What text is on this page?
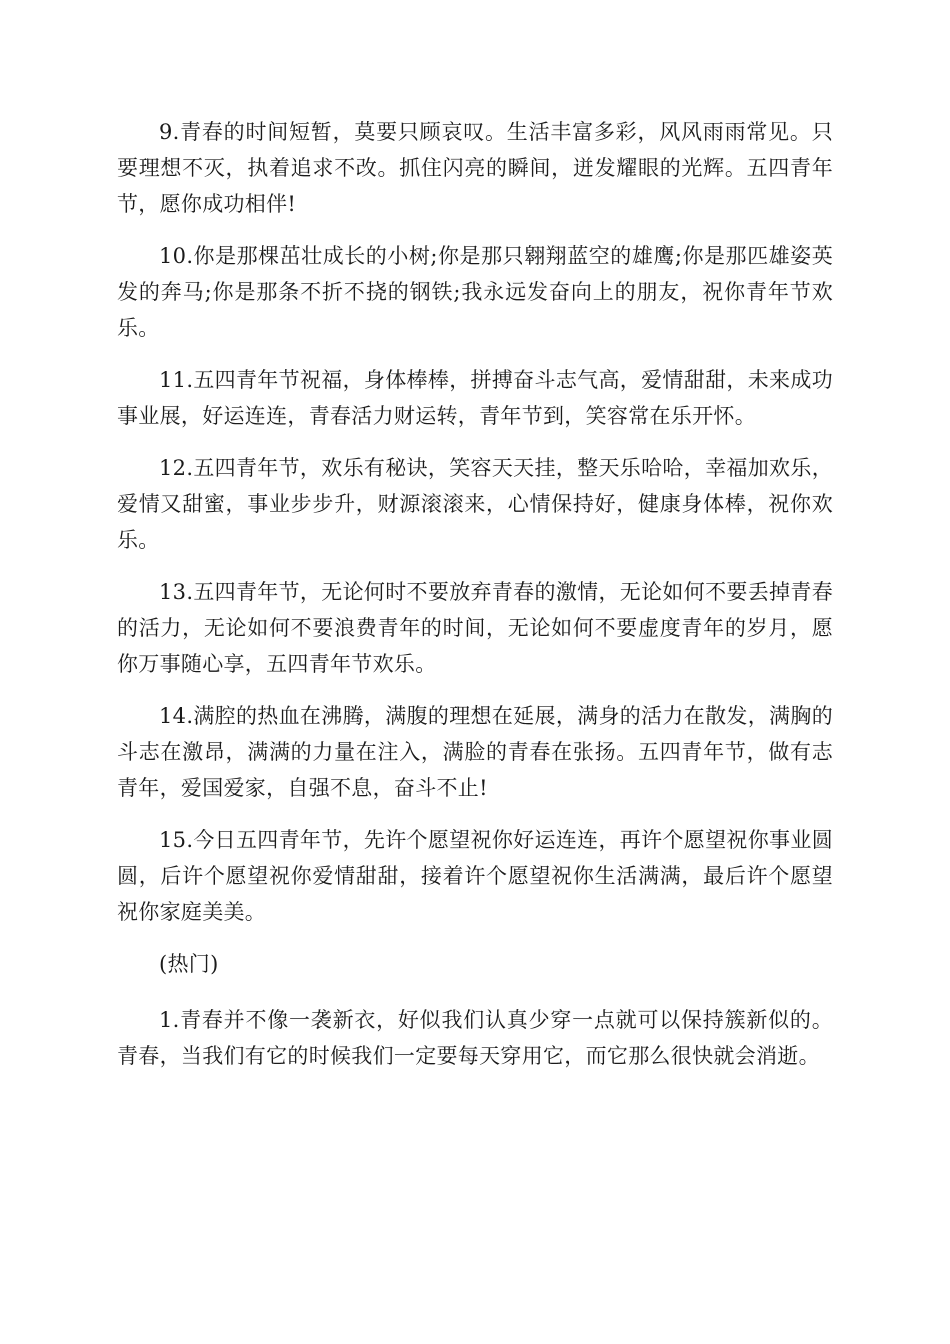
9.青春的时间短暂，莫要只顾哀叹。生活丰富多彩，风风雨雨常见。只要理想不灭，执着追求不改。抓住闪亮的瞬间，迸发耀眼的光辉。五四青年节，愿你成功相伴!

10.你是那棵茁壮成长的小树;你是那只翱翔蓝空的雄鹰;你是那匹雄姿英发的奔马;你是那条不折不挠的钢铁;我永远发奋向上的朋友，祝你青年节欢乐。

11.五四青年节祝福，身体棒棒，拼搏奋斗志气高，爱情甜甜，未来成功事业展，好运连连，青春活力财运转，青年节到，笑容常在乐开怀。

12.五四青年节，欢乐有秘诀，笑容天天挂，整天乐哈哈，幸福加欢乐，爱情又甜蜜，事业步步升，财源滚滚来，心情保持好，健康身体棒，祝你欢乐。

13.五四青年节，无论何时不要放弃青春的激情，无论如何不要丢掉青春的活力，无论如何不要浪费青年的时间，无论如何不要虚度青年的岁月，愿你万事随心享，五四青年节欢乐。

14.满腔的热血在沸腾，满腹的理想在延展，满身的活力在散发，满胸的斗志在激昂，满满的力量在注入，满脸的青春在张扬。五四青年节，做有志青年，爱国爱家，自强不息，奋斗不止!

15.今日五四青年节，先许个愿望祝你好运连连，再许个愿望祝你事业圆圆，后许个愿望祝你爱情甜甜，接着许个愿望祝你生活满满，最后许个愿望祝你家庭美美。

(热门)

1.青春并不像一袭新衣，好似我们认真少穿一点就可以保持簇新似的。青春，当我们有它的时候我们一定要每天穿用它，而它那么很快就会消逝。
